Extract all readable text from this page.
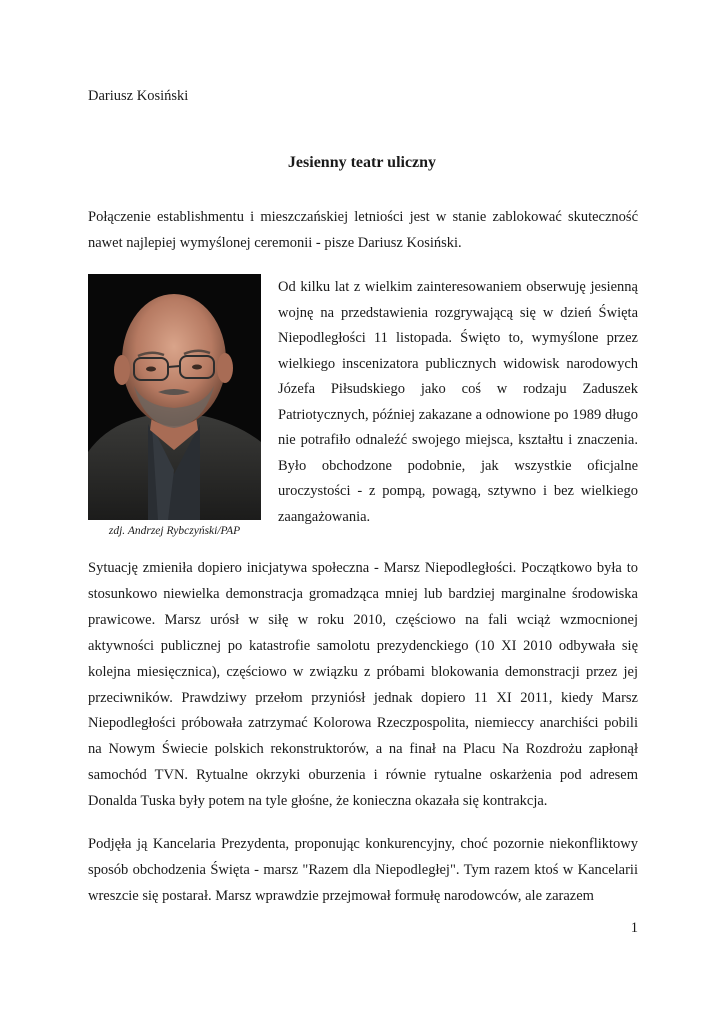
Dariusz Kosiński

Jesienny teatr uliczny

Połączenie establishmentu i mieszczańskiej letniości jest w stanie zablokować skuteczność nawet najlepiej wymyślonej ceremonii - pisze Dariusz Kosiński.

zdj. Andrzej Rybczyński/PAP

Od kilku lat z wielkim zainteresowaniem obserwuję jesienną wojnę na przedstawienia rozgrywającą się w dzień Święta Niepodległości 11 listopada. Święto to, wymyślone przez wielkiego inscenizatora publicznych widowisk narodowych Józefa Piłsudskiego jako coś w rodzaju Zaduszek Patriotycznych, później zakazane a odnowione po 1989 długo nie potrafiło odnaleźć swojego miejsca, kształtu i znaczenia. Było obchodzone podobnie, jak wszystkie oficjalne uroczystości - z pompą, powagą, sztywno i bez wielkiego zaangażowania.

Sytuację zmieniła dopiero inicjatywa społeczna - Marsz Niepodległości. Początkowo była to stosunkowo niewielka demonstracja gromadząca mniej lub bardziej marginalne środowiska prawicowe. Marsz urósł w siłę w roku 2010, częściowo na fali wciąż wzmocnionej aktywności publicznej po katastrofie samolotu prezydenckiego (10 XI 2010 odbywała się kolejna miesięcznica), częściowo w związku z próbami blokowania demonstracji przez jej przeciwników. Prawdziwy przełom przyniósł jednak dopiero 11 XI 2011, kiedy Marsz Niepodległości próbowała zatrzymać Kolorowa Rzeczpospolita, niemieccy anarchiści pobili na Nowym Świecie polskich rekonstruktorów, a na finał na Placu Na Rozdrożu zapłonął samochód TVN. Rytualne okrzyki oburzenia i równie rytualne oskarżenia pod adresem Donalda Tuska były potem na tyle głośne, że konieczna okazała się kontrakcja.

Podjęła ją Kancelaria Prezydenta, proponując konkurencyjny, choć pozornie niekonfliktowy sposób obchodzenia Święta - marsz "Razem dla Niepodległej". Tym razem ktoś w Kancelarii wreszcie się postarał. Marsz wprawdzie przejmował formułę narodowców, ale zarazem

1
